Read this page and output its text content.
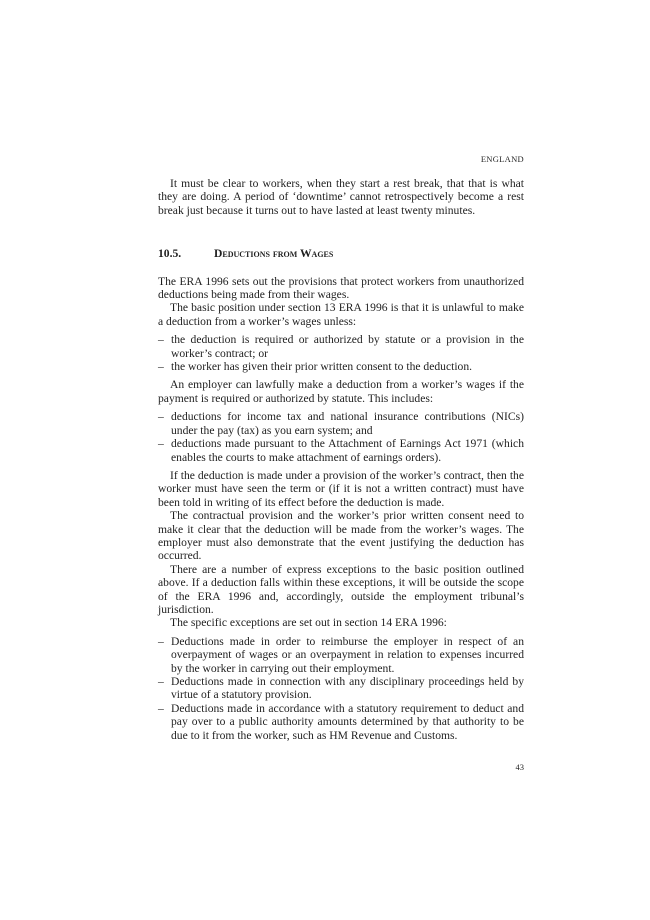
ENGLAND

It must be clear to workers, when they start a rest break, that that is what they are doing. A period of ‘downtime’ cannot retrospectively become a rest break just because it turns out to have lasted at least twenty minutes.

10.5.	Deductions from Wages

The ERA 1996 sets out the provisions that protect workers from unauthorized deductions being made from their wages.

The basic position under section 13 ERA 1996 is that it is unlawful to make a deduction from a worker’s wages unless:

– the deduction is required or authorized by statute or a provision in the worker’s contract; or
– the worker has given their prior written consent to the deduction.

An employer can lawfully make a deduction from a worker’s wages if the payment is required or authorized by statute. This includes:

– deductions for income tax and national insurance contributions (NICs) under the pay (tax) as you earn system; and
– deductions made pursuant to the Attachment of Earnings Act 1971 (which enables the courts to make attachment of earnings orders).

If the deduction is made under a provision of the worker’s contract, then the worker must have seen the term or (if it is not a written contract) must have been told in writing of its effect before the deduction is made.

The contractual provision and the worker’s prior written consent need to make it clear that the deduction will be made from the worker’s wages. The employer must also demonstrate that the event justifying the deduction has occurred.

There are a number of express exceptions to the basic position outlined above. If a deduction falls within these exceptions, it will be outside the scope of the ERA 1996 and, accordingly, outside the employment tribunal’s jurisdiction.

The specific exceptions are set out in section 14 ERA 1996:

– Deductions made in order to reimburse the employer in respect of an overpayment of wages or an overpayment in relation to expenses incurred by the worker in carrying out their employment.
– Deductions made in connection with any disciplinary proceedings held by virtue of a statutory provision.
– Deductions made in accordance with a statutory requirement to deduct and pay over to a public authority amounts determined by that authority to be due to it from the worker, such as HM Revenue and Customs.
43
